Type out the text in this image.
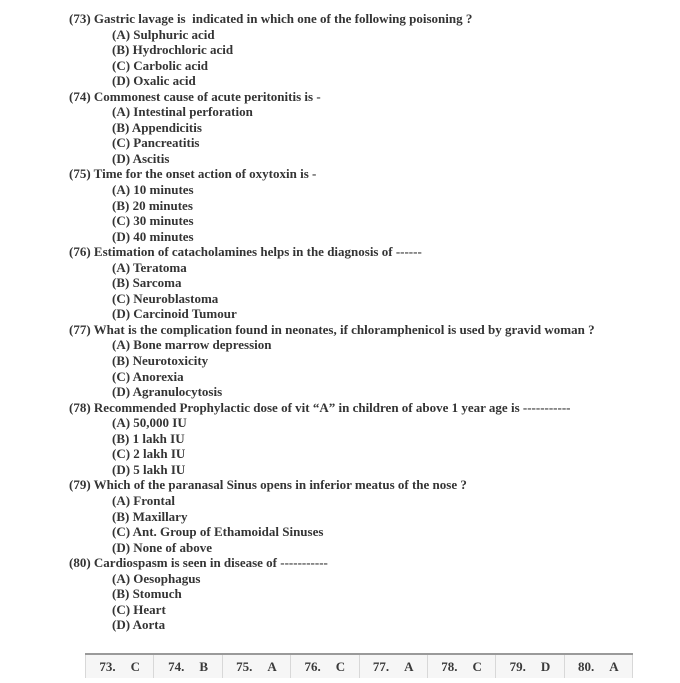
(73) Gastric lavage is  indicated in which one of the following poisoning ?
(A) Sulphuric acid
(B) Hydrochloric acid
(C) Carbolic acid
(D) Oxalic acid
(74) Commonest cause of acute peritonitis is -
(A) Intestinal perforation
(B) Appendicitis
(C) Pancreatitis
(D) Ascitis
(75) Time for the onset action of oxytoxin is -
(A) 10 minutes
(B) 20 minutes
(C) 30 minutes
(D) 40 minutes
(76) Estimation of catacholamines helps in the diagnosis of ------
(A) Teratoma
(B) Sarcoma
(C) Neuroblastoma
(D) Carcinoid Tumour
(77) What is the complication found in neonates, if chloramphenicol is used by gravid woman ?
(A) Bone marrow depression
(B) Neurotoxicity
(C) Anorexia
(D) Agranulocytosis
(78) Recommended Prophylactic dose of vit “A” in children of above 1 year age is -----------
(A) 50,000 IU
(B) 1 lakh IU
(C) 2 lakh IU
(D) 5 lakh IU
(79) Which of the paranasal Sinus opens in inferior meatus of the nose ?
(A) Frontal
(B) Maxillary
(C) Ant. Group of Ethamoidal Sinuses
(D) None of above
(80) Cardiospasm is seen in disease of -----------
(A) Oesophagus
(B) Stomuch
(C) Heart
(D) Aorta
73. C 74. B 75. A 76. C 77. A 78. C 79. D 80. A
